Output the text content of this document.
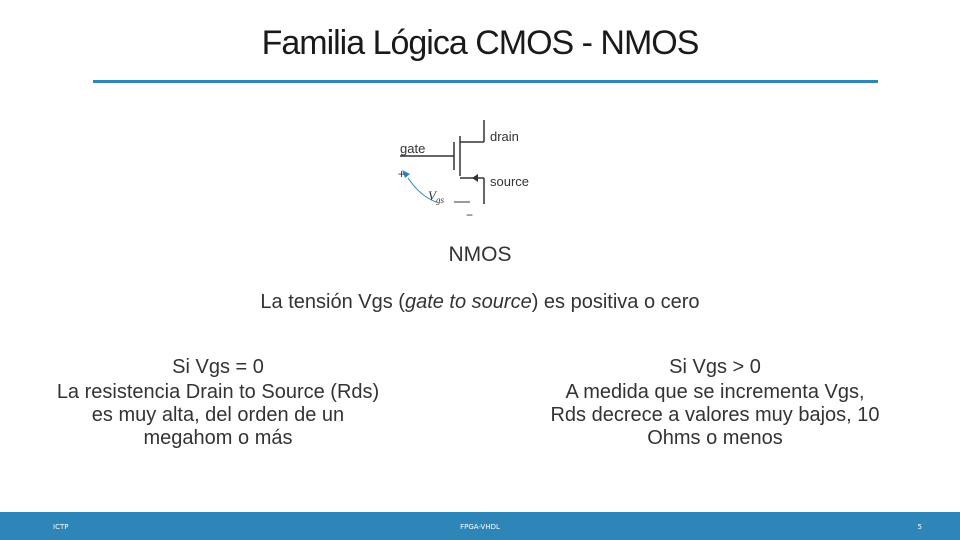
Familia Lógica CMOS - NMOS
gate
drain
source
+
$V_{gs}$
−
NMOS
La tensión Vgs (gate to source) es positiva o cero
Si Vgs = 0
La resistencia Drain to Source (Rds) es muy alta, del orden de un megahom o más
Si Vgs > 0
A medida que se incrementa Vgs, Rds decrece a valores muy bajos, 10 Ohms o menos
ICTP	FPGA-VHDL	5
